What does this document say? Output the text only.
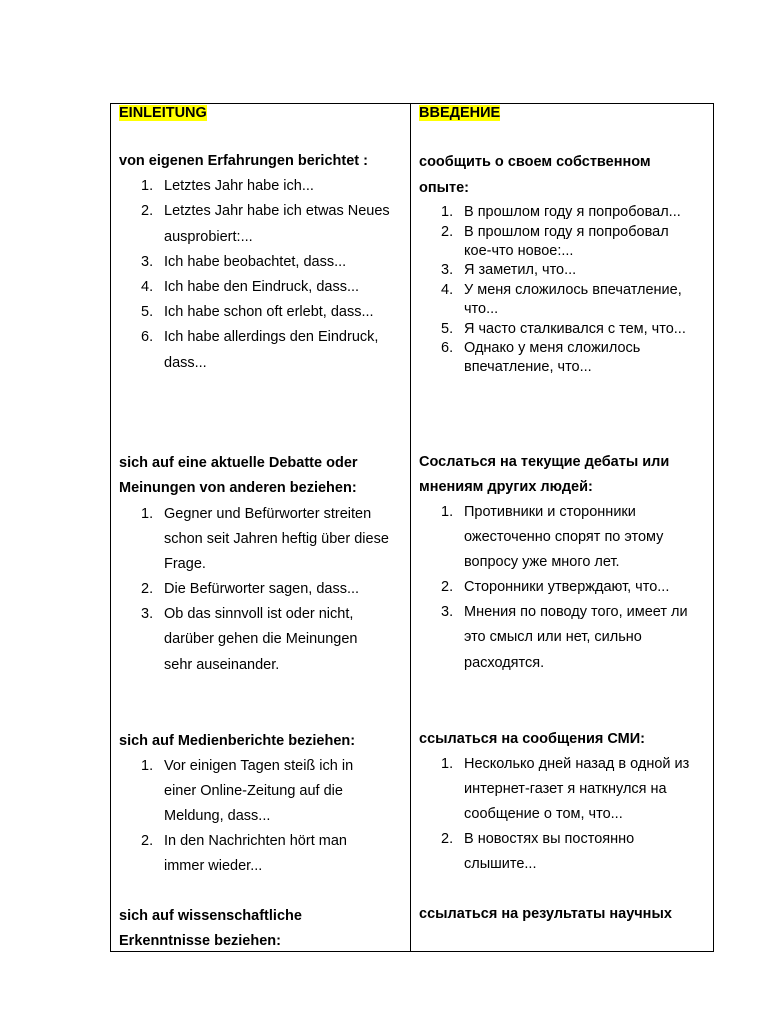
EINLEITUNG
von eigenen Erfahrungen berichtet :
1. Letztes Jahr habe ich...
2. Letztes Jahr habe ich etwas Neues
ausprobiert:...
3. Ich habe beobachtet, dass...
4. Ich habe den Eindruck, dass...
5. Ich habe schon oft erlebt, dass...
6. Ich habe allerdings den Eindruck,
dass...
sich auf eine aktuelle Debatte oder
Meinungen von anderen beziehen:
1. Gegner und Befürworter streiten
schon seit Jahren heftig über diese
Frage.
2. Die Befürworter sagen, dass...
3. Ob das sinnvoll ist oder nicht,
darüber gehen die Meinungen
sehr auseinander.
sich auf Medienberichte beziehen:
1. Vor einigen Tagen steiß ich in
einer Online-Zeitung auf die
Meldung, dass...
2. In den Nachrichten hört man
immer wieder...
sich auf wissenschaftliche
Erkenntnisse beziehen:
ВВЕДЕНИЕ
сообщить о своем собственном
опыте:
1. В прошлом году я попробовал...
2. В прошлом году я попробовал
кое-что новое:...
3. Я заметил, что...
4. У меня сложилось впечатление,
что...
5. Я часто сталкивался с тем, что...
6. Однако у меня сложилось
впечатление, что...
Сослаться на текущие дебаты или
мнениям других людей:
1. Противники и сторонники
ожесточенно спорят по этому
вопросу уже много лет.
2. Сторонники утверждают, что...
3. Мнения по поводу того, имеет ли
это смысл или нет, сильно
расходятся.
ссылаться на сообщения СМИ:
1. Несколько дней назад в одной из
интернет-газет я наткнулся на
сообщение о том, что...
2. В новостях вы постоянно
слышите...
ссылаться на результаты научных
